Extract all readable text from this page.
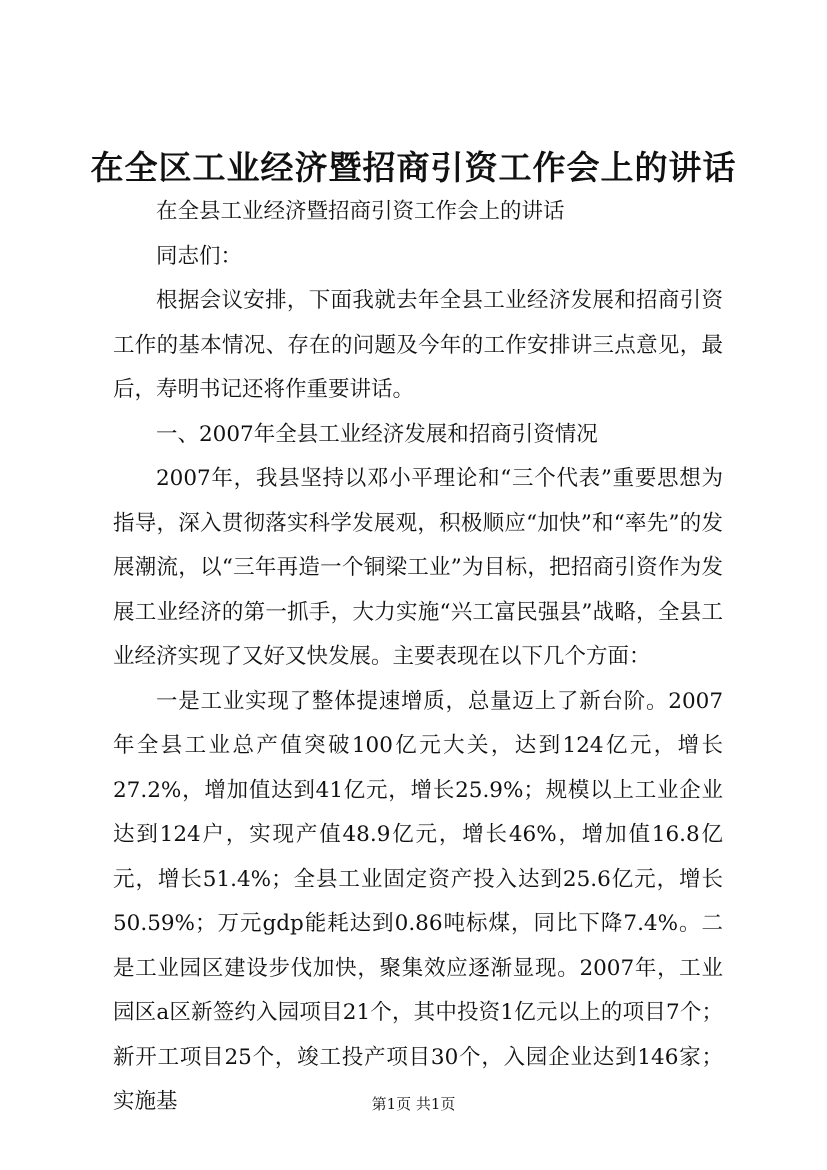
在全区工业经济暨招商引资工作会上的讲话

在全县工业经济暨招商引资工作会上的讲话

同志们：

根据会议安排，下面我就去年全县工业经济发展和招商引资工作的基本情况、存在的问题及今年的工作安排讲三点意见，最后，寿明书记还将作重要讲话。

一、2007年全县工业经济发展和招商引资情况

2007年，我县坚持以邓小平理论和“三个代表”重要思想为指导，深入贯彻落实科学发展观，积极顺应“加快”和“率先”的发展潮流，以“三年再造一个铜梁工业”为目标，把招商引资作为发展工业经济的第一抓手，大力实施“兴工富民强县”战略，全县工业经济实现了又好又快发展。主要表现在以下几个方面：

一是工业实现了整体提速增质，总量迈上了新台阶。2007年全县工业总产值突破100亿元大关，达到124亿元，增长27.2%，增加值达到41亿元，增长25.9%；规模以上工业企业达到124户，实现产值48.9亿元，增长46%，增加值16.8亿元，增长51.4%；全县工业固定资产投入达到25.6亿元，增长50.59%；万元gdp能耗达到0.86吨标煤，同比下降7.4%。二是工业园区建设步伐加快，聚集效应逐渐显现。2007年，工业园区a区新签约入园项目21个，其中投资1亿元以上的项目7个；新开工项目25个，竣工投产项目30个，入园企业达到146家；实施基	第1页 共1页
